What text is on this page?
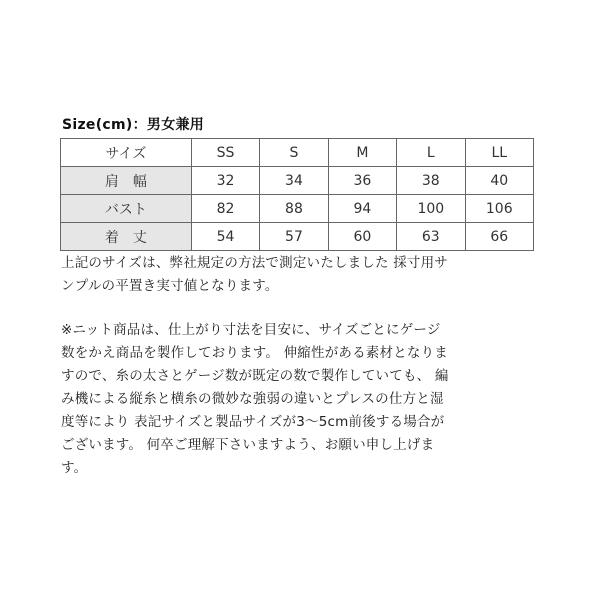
Size(cm)：男女兼用
サイズ	SS	S	M	L	LL
肩　幅	32	34	36	38	40
バスト	82	88	94	100	106
着　丈	54	57	60	63	66
上記のサイズは、弊社規定の方法で測定いたしました 採寸用サ
ンプルの平置き実寸値となります。
※ニット商品は、仕上がり寸法を目安に、サイズごとにゲージ
数をかえ商品を製作しております。 伸縮性がある素材となりま
すので、糸の太さとゲージ数が既定の数で製作していても、 編
み機による縦糸と横糸の微妙な強弱の違いとプレスの仕方と湿
度等により 表記サイズと製品サイズが3～5cm前後する場合が
ございます。 何卒ご理解下さいますよう、お願い申し上げま
す。
